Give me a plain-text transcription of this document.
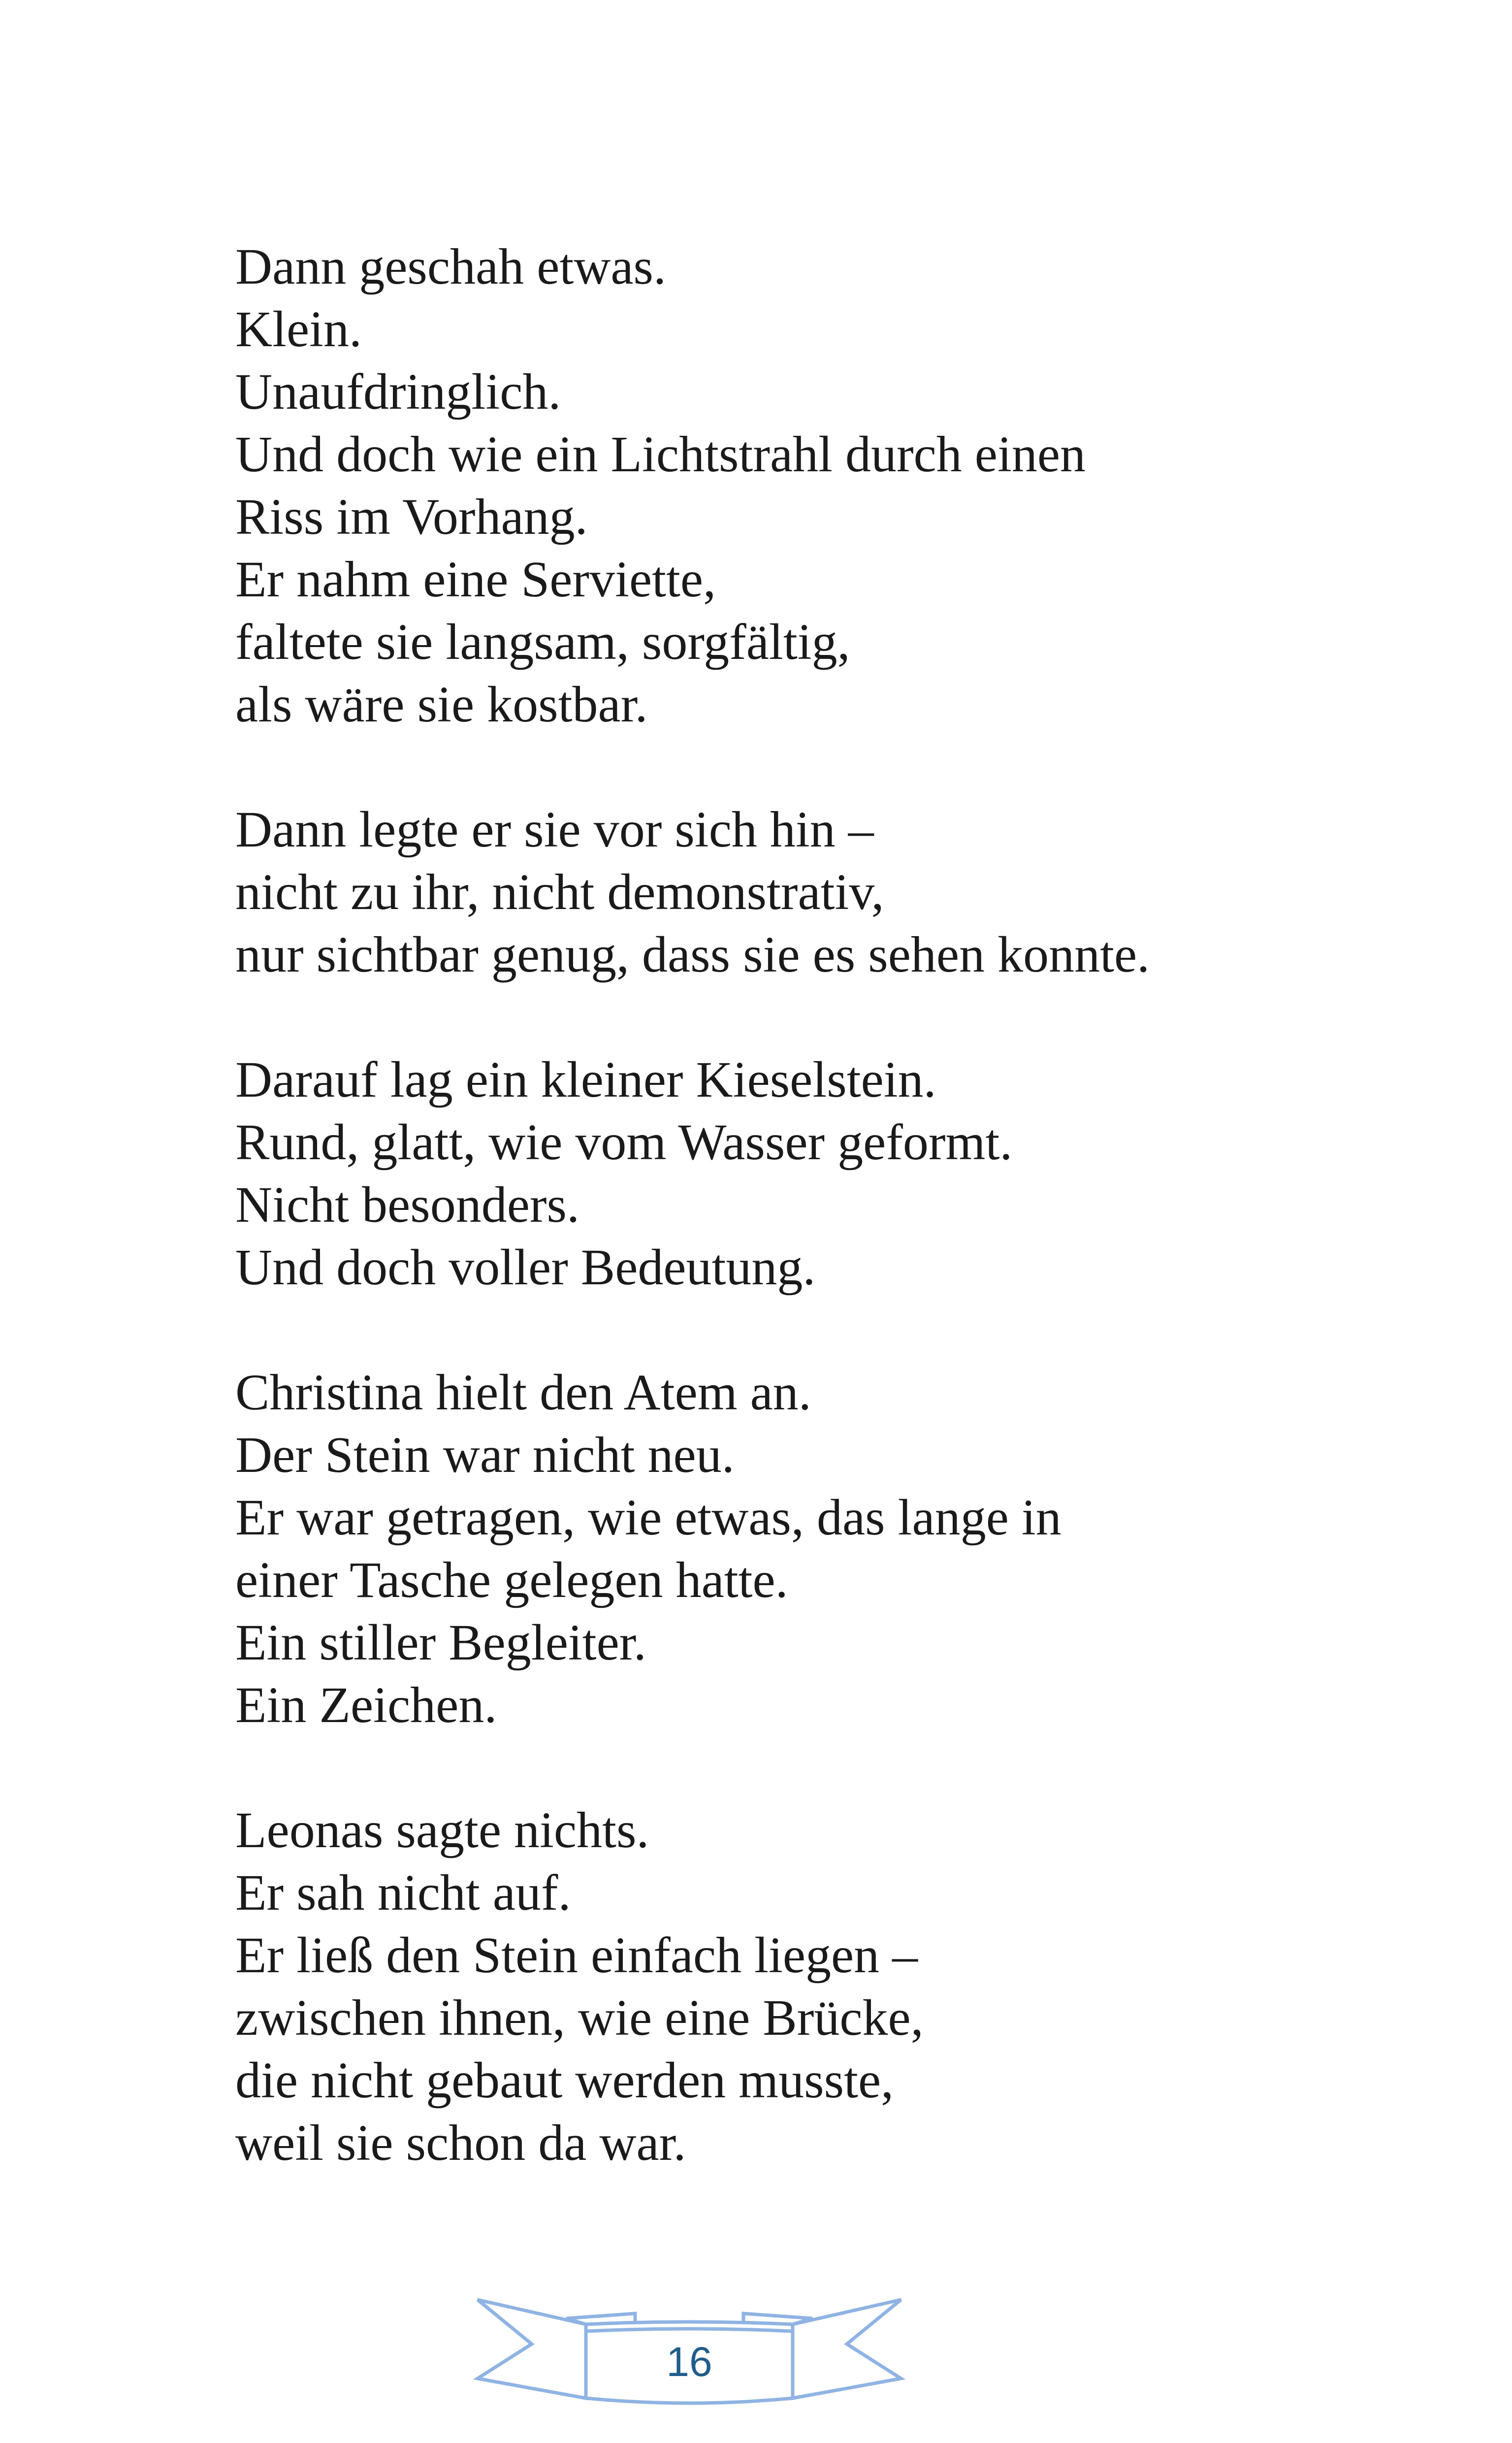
Dann geschah etwas.
Klein.
Unaufdringlich.
Und doch wie ein Lichtstrahl durch einen
Riss im Vorhang.
Er nahm eine Serviette,
faltete sie langsam, sorgfältig,
als wäre sie kostbar.
Dann legte er sie vor sich hin –
nicht zu ihr, nicht demonstrativ,
nur sichtbar genug, dass sie es sehen konnte.
Darauf lag ein kleiner Kieselstein.
Rund, glatt, wie vom Wasser geformt.
Nicht besonders.
Und doch voller Bedeutung.
Christina hielt den Atem an.
Der Stein war nicht neu.
Er war getragen, wie etwas, das lange in
einer Tasche gelegen hatte.
Ein stiller Begleiter.
Ein Zeichen.
Leonas sagte nichts.
Er sah nicht auf.
Er ließ den Stein einfach liegen –
zwischen ihnen, wie eine Brücke,
die nicht gebaut werden musste,
weil sie schon da war.
16
